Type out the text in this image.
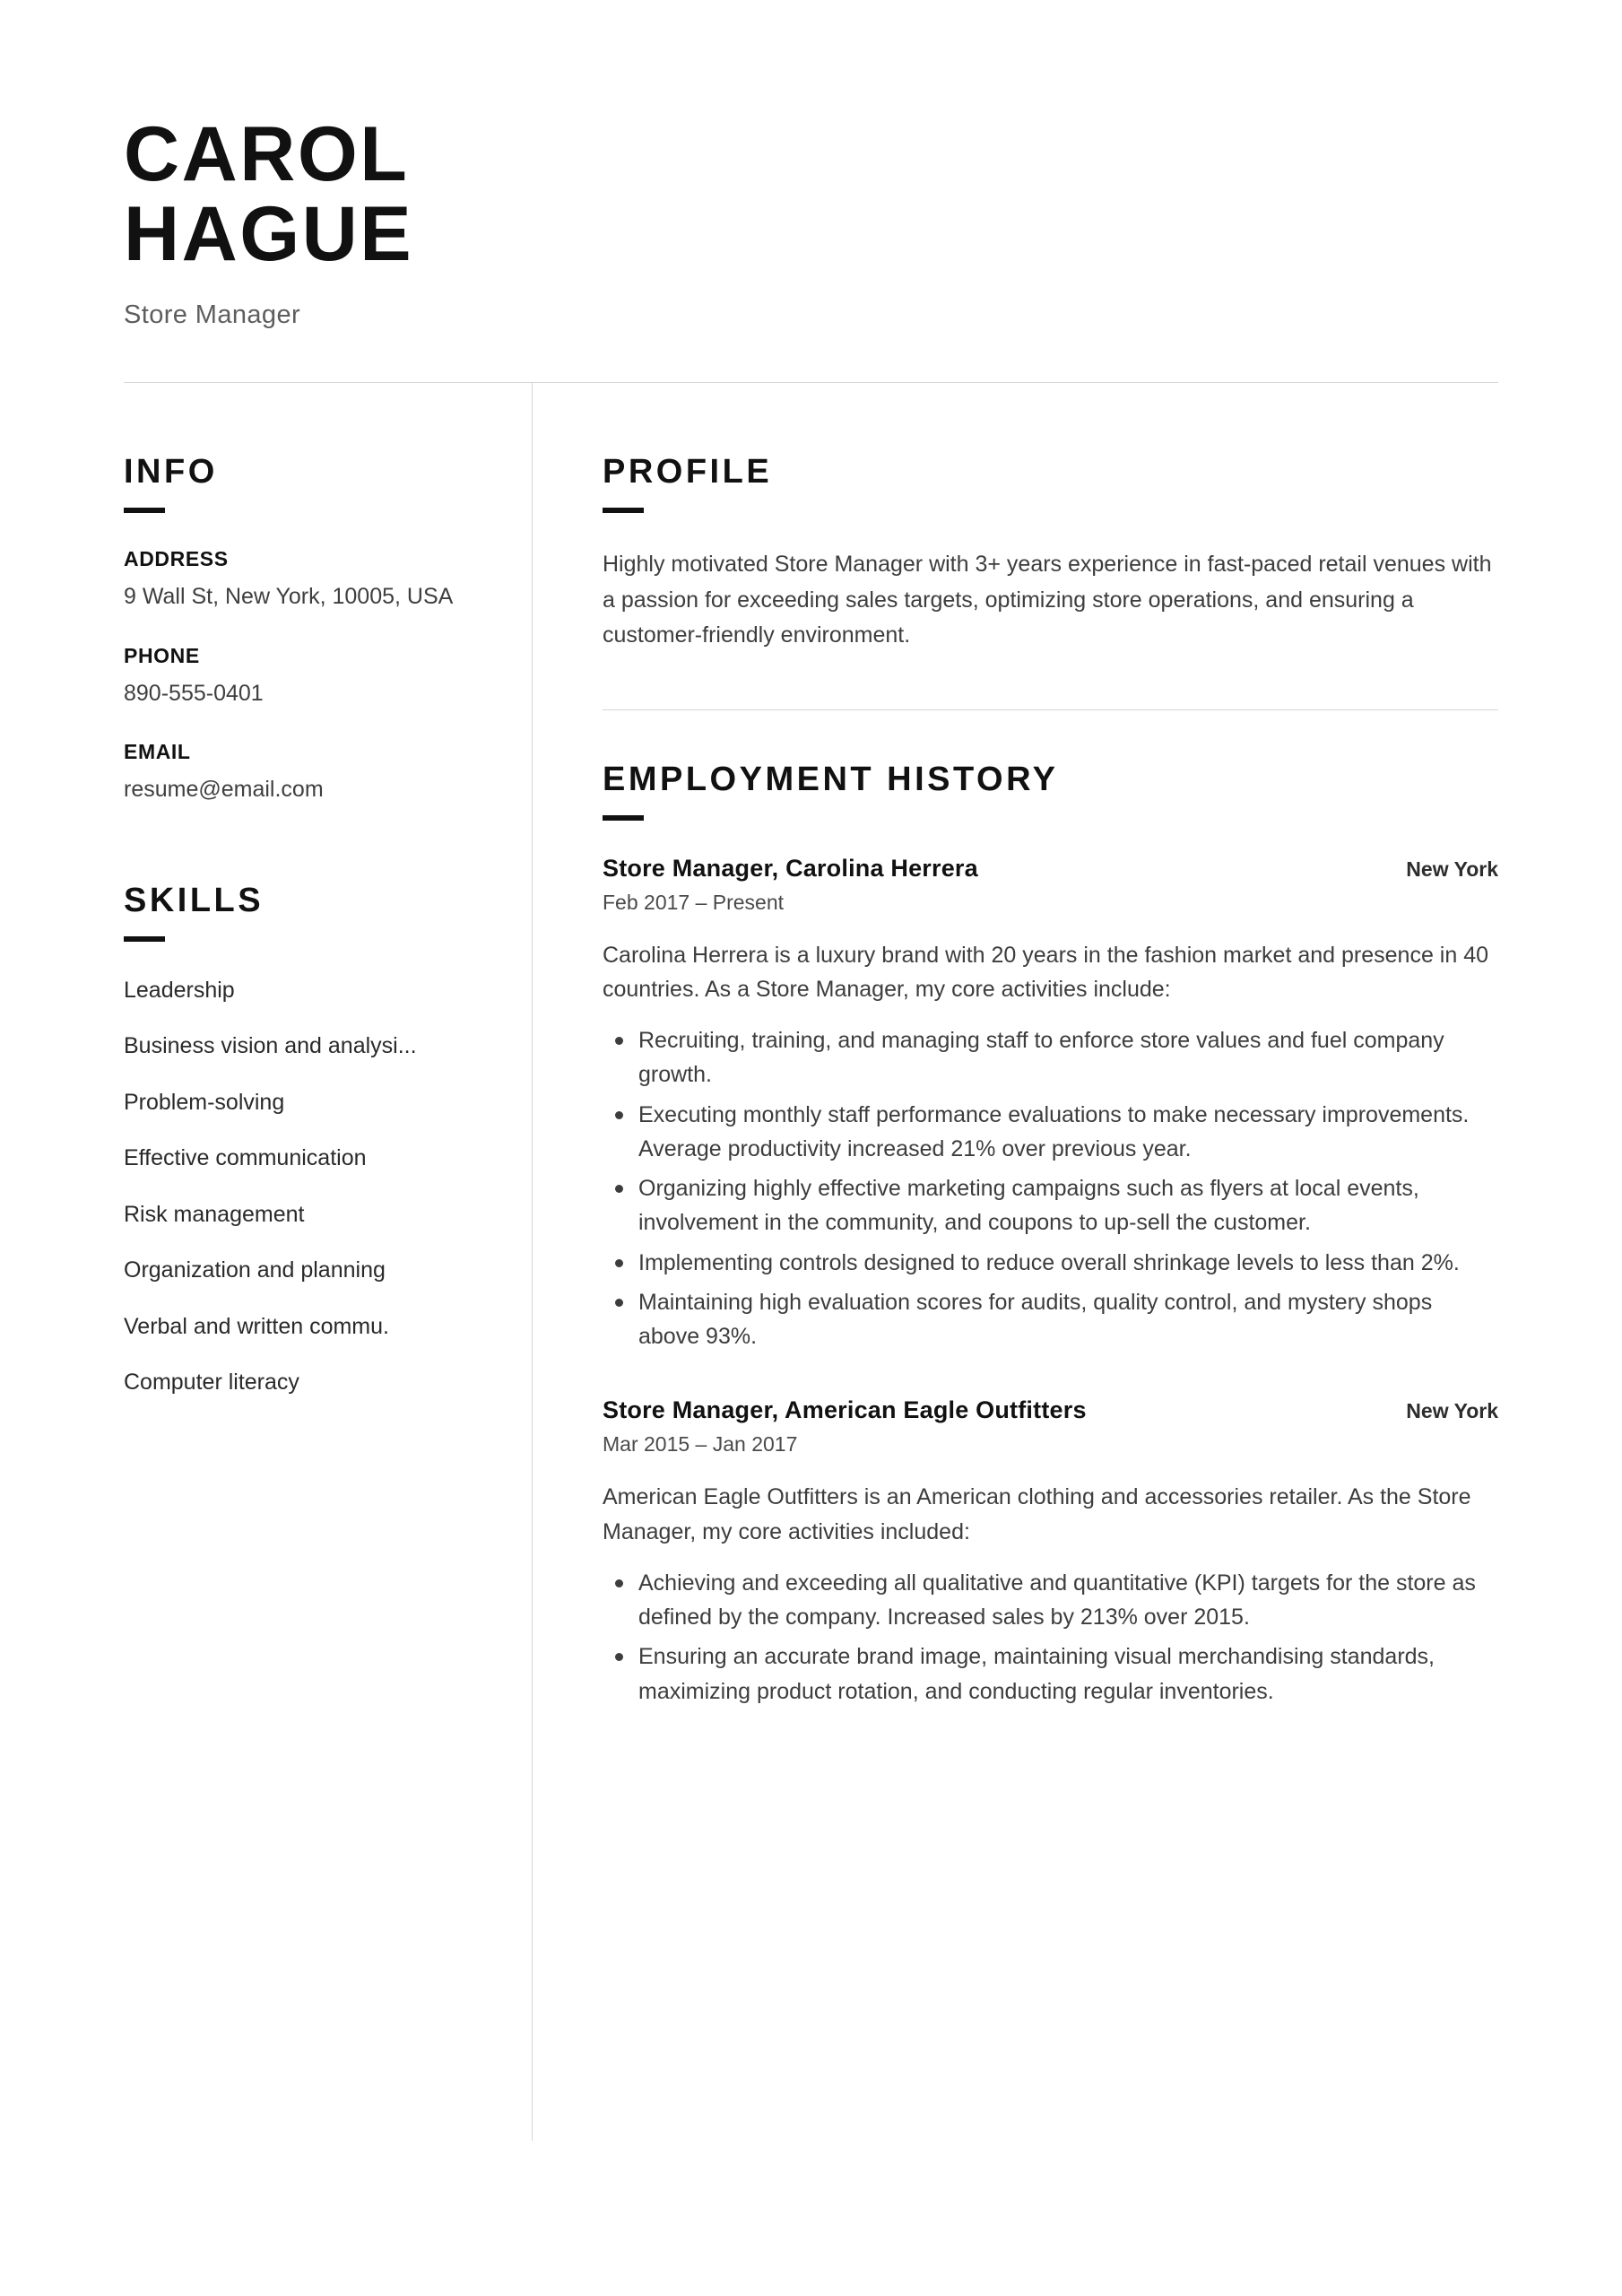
CAROL
HAGUE
Store Manager
INFO
ADDRESS
9 Wall St, New York, 10005, USA
PHONE
890-555-0401
EMAIL
resume@email.com
SKILLS
Leadership
Business vision and analysi...
Problem-solving
Effective communication
Risk management
Organization and planning
Verbal and written commu.
Computer literacy
PROFILE
Highly motivated Store Manager with 3+ years experience in fast-paced retail venues with a passion for exceeding sales targets, optimizing store operations, and ensuring a customer-friendly environment.
EMPLOYMENT HISTORY
Store Manager, Carolina Herrera	New York
Feb 2017 – Present
Carolina Herrera is a luxury brand with 20 years in the fashion market and presence in 40 countries. As a Store Manager, my core activities include:
Recruiting, training, and managing staff to enforce store values and fuel company growth.
Executing monthly staff performance evaluations to make necessary improvements. Average productivity increased 21% over previous year.
Organizing highly effective marketing campaigns such as flyers at local events, involvement in the community, and coupons to up-sell the customer.
Implementing controls designed to reduce overall shrinkage levels to less than 2%.
Maintaining high evaluation scores for audits, quality control, and mystery shops above 93%.
Store Manager, American Eagle Outfitters	New York
Mar 2015 – Jan 2017
American Eagle Outfitters is an American clothing and accessories retailer. As the Store Manager, my core activities included:
Achieving and exceeding all qualitative and quantitative (KPI) targets for the store as defined by the company. Increased sales by 213% over 2015.
Ensuring an accurate brand image, maintaining visual merchandising standards, maximizing product rotation, and conducting regular inventories.
